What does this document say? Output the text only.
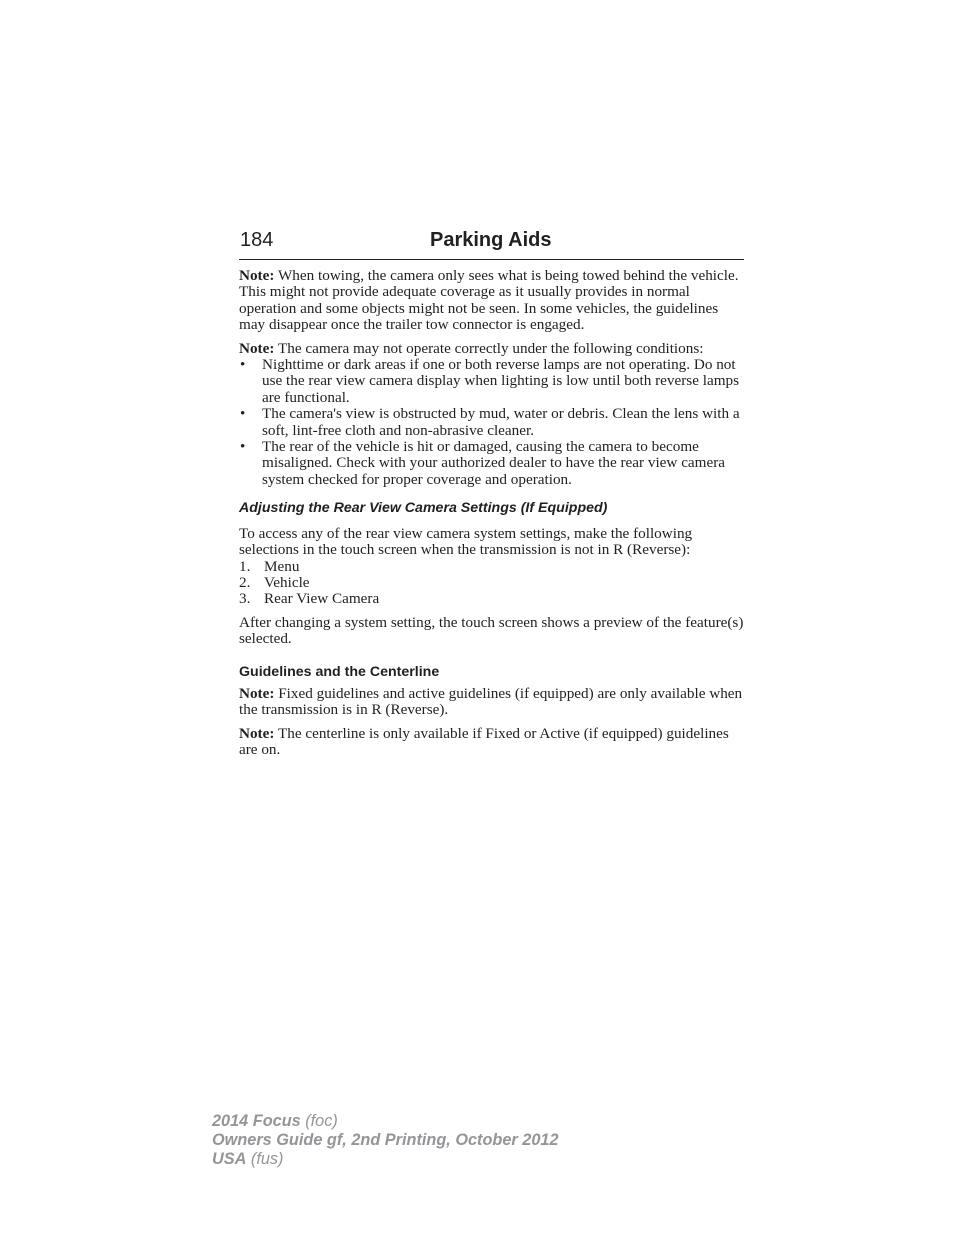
184	Parking Aids

Note: When towing, the camera only sees what is being towed behind the vehicle. This might not provide adequate coverage as it usually provides in normal operation and some objects might not be seen. In some vehicles, the guidelines may disappear once the trailer tow connector is engaged.

Note: The camera may not operate correctly under the following conditions:

• Nighttime or dark areas if one or both reverse lamps are not operating. Do not use the rear view camera display when lighting is low until both reverse lamps are functional.
• The camera's view is obstructed by mud, water or debris. Clean the lens with a soft, lint-free cloth and non-abrasive cleaner.
• The rear of the vehicle is hit or damaged, causing the camera to become misaligned. Check with your authorized dealer to have the rear view camera system checked for proper coverage and operation.
Adjusting the Rear View Camera Settings (If Equipped)

To access any of the rear view camera system settings, make the following selections in the touch screen when the transmission is not in R (Reverse):

1. Menu
2. Vehicle
3. Rear View Camera

After changing a system setting, the touch screen shows a preview of the feature(s) selected.

Guidelines and the Centerline

Note: Fixed guidelines and active guidelines (if equipped) are only available when the transmission is in R (Reverse).

Note: The centerline is only available if Fixed or Active (if equipped) guidelines are on.

2014 Focus (foc)
Owners Guide gf, 2nd Printing, October 2012
USA (fus)
